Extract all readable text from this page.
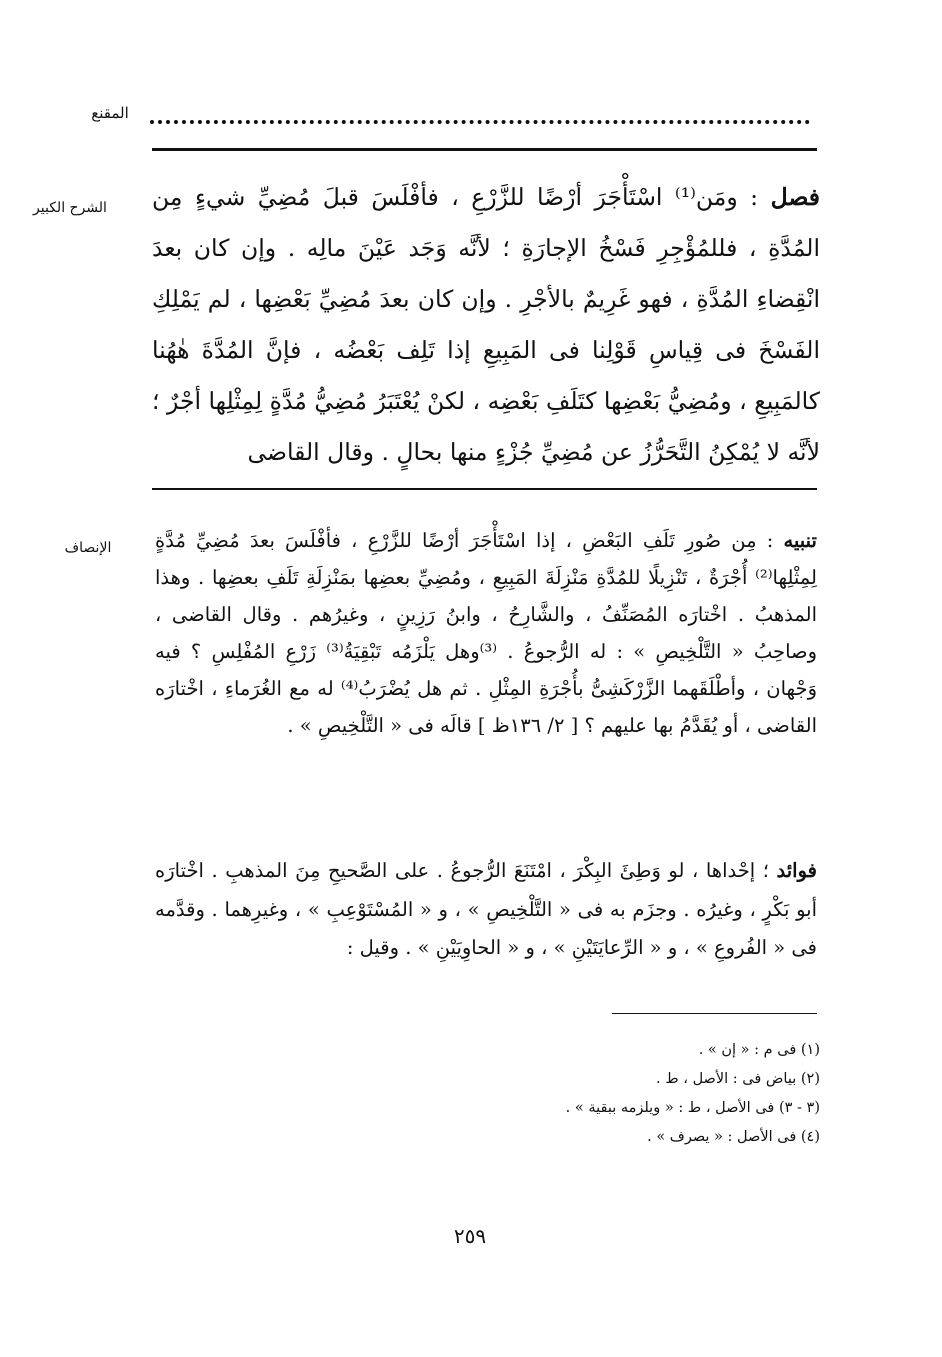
المقنع
الشرح الكبير	فصل : ومَن⁽¹⁾ اسْتَأْجَرَ أرْضًا للزَّرْعِ ، فأفْلَسَ قبلَ مُضِيِّ شيءٍ مِن المُدَّةِ ، فللمُؤْجِرِ فَسْخُ الإجارَةِ ؛ لأنَّه وَجَد عَيْنَ مالِه . وإن كان بعدَ انْقِضاءِ المُدَّةِ ، فهو غَرِيمٌ بالأجْرِ . وإن كان بعدَ مُضِيِّ بَعْضِها ، لم يَمْلِكِ الفَسْخَ فى قِياسِ قَوْلِنا فى المَبِيعِ إذا تَلِف بَعْضُه ، فإنَّ المُدَّةَ هٰهُنا كالمَبِيعِ ، ومُضِيُّ بَعْضِها كتَلَفِ بَعْضِه ، لكنْ يُعْتَبَرُ مُضِيُّ مُدَّةٍ لِمِثْلِها أجْرٌ ؛ لأنَّه لا يُمْكِنُ التَّحَرُّزُ عن مُضِيِّ جُزْءٍ منها بحالٍ . وقال القاضى
الإنصاف	تنبيه : مِن صُورِ تَلَفِ البَعْضِ ، إذا اسْتَأْجَرَ أرْضًا للزَّرْعِ ، فأفْلَسَ بعدَ مُضِيِّ مُدَّةٍ لِمِثْلِها⁽²⁾ أُجْرَةٌ ، تَنْزِيلًا للمُدَّةِ مَنْزِلَةَ المَبِيعِ ، ومُضِيِّ بعضِها بمَنْزِلَةِ تَلَفِ بعضِها . وهذا المذهبُ . اخْتارَه المُصَنِّفُ ، والشَّارِحُ ، وابنُ رَزِينٍ ، وغيرُهم . وقال القاضى ، وصاحِبُ « التَّلْخِيصِ » : له الرُّجوعُ . ⁽³⁾وهل يَلْزَمُه تَبْقِيَةُ⁽³⁾ زَرْعِ المُفْلِسِ ؟ فيه وَجْهان ، وأطْلَقَهما الزَّرْكَشِىُّ بأُجْرَةِ المِثْلِ . ثم هل يُضْرَبُ⁽⁴⁾ له مع الغُرَماءِ ، اخْتارَه القاضى ، أو يُقَدَّمُ بها عليهم ؟ [ ٢/ ١٣٦ظ ] قالَه فى « التَّلْخِيصِ » .
فوائد ؛ إحْداها ، لو وَطِئَ البِكْرَ ، امْتَنَعَ الرُّجوعُ . على الصَّحيحِ مِنَ المذهبِ . اخْتارَه أبو بَكْرٍ ، وغيرُه . وجزَم به فى « التَّلْخِيصِ » ، و « المُسْتَوْعِبِ » ، وغيرِهما . وقدَّمه فى « الفُروعِ » ، و « الرِّعايَتَيْنِ » ، و « الحاوِيَيْنِ » . وقيل :
(١) فى م : « إن » .
(٢) بياض فى : الأصل ، ط .
(٣ - ٣) فى الأصل ، ط : « ويلزمه ببقية » .
(٤) فى الأصل : « يصرف » .
٢٥٩
